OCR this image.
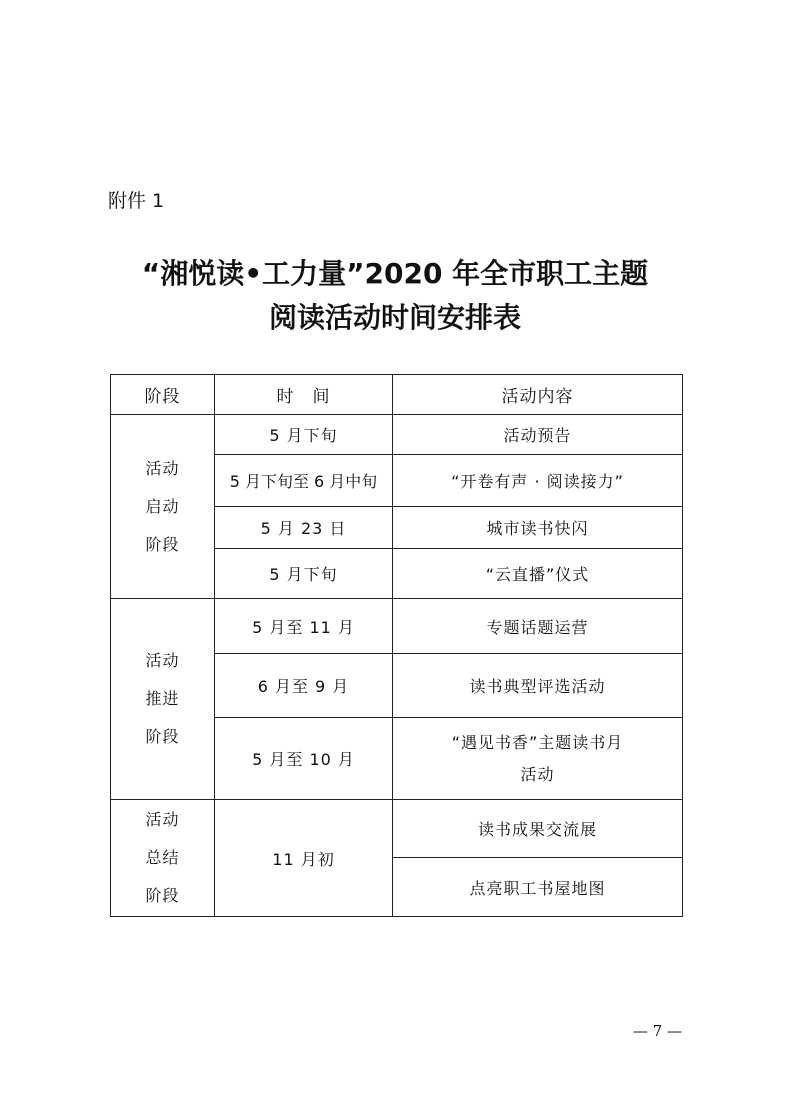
附件 1
“湘悦读•工力量”2020 年全市职工主题
阅读活动时间安排表
阶段	时　间	活动内容

活动
启动
阶段	5 月下旬	活动预告
	5 月下旬至 6 月中旬	“开卷有声 · 阅读接力”
	5 月 23 日	城市读书快闪
	5 月下旬	“云直播”仪式

活动
推进
阶段	5 月至 11 月	专题话题运营
	6 月至 9 月	读书典型评选活动
	5 月至 10 月	“遇见书香”主题读书月
活动

活动
总结
阶段	11 月初	读书成果交流展
		点亮职工书屋地图
— 7 —
